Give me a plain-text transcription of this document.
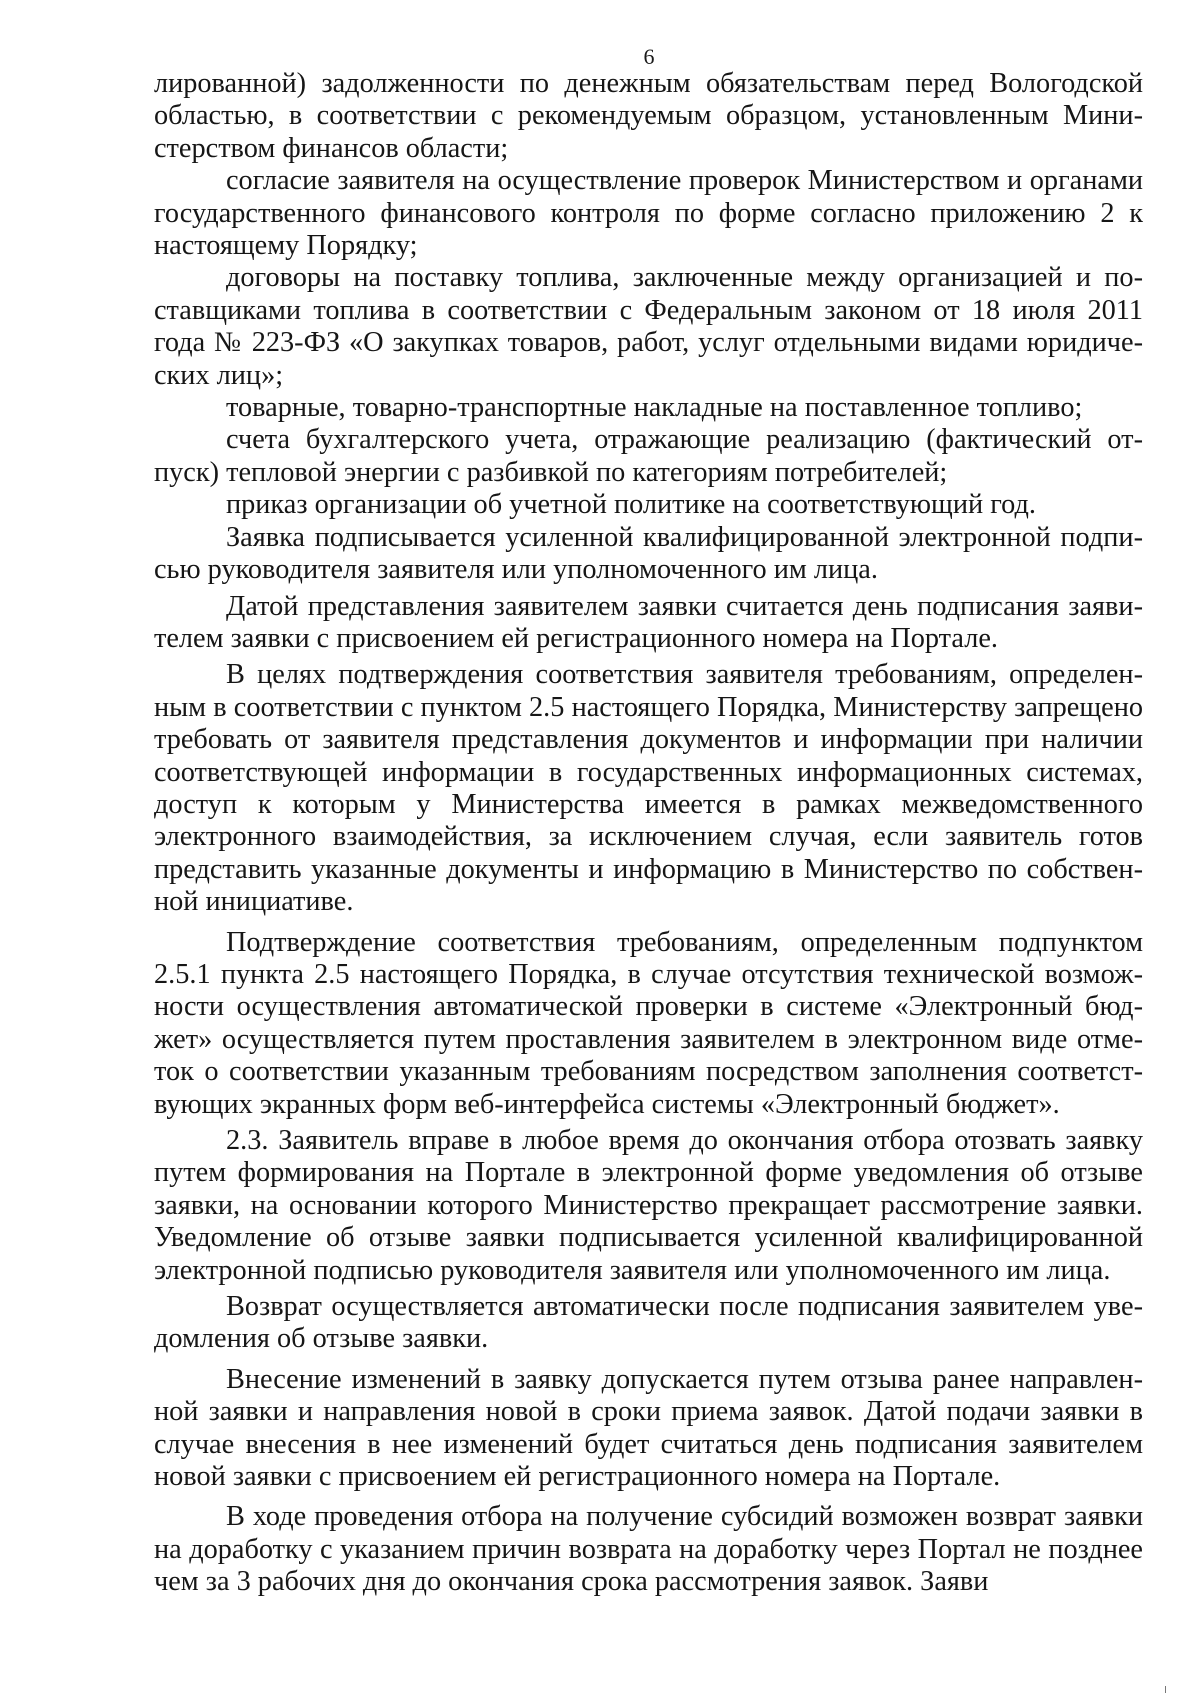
6

лированной) задолженности по денежным обязательствам перед Вологодской областью, в соответствии с рекомендуемым образцом, установленным Министерством финансов области;

согласие заявителя на осуществление проверок Министерством и органами государственного финансового контроля по форме согласно приложению 2 к настоящему Порядку;

договоры на поставку топлива, заключенные между организацией и поставщиками топлива в соответствии с Федеральным законом от 18 июля 2011 года № 223-ФЗ «О закупках товаров, работ, услуг отдельными видами юридических лиц»;

товарные, товарно-транспортные накладные на поставленное топливо;

счета бухгалтерского учета, отражающие реализацию (фактический отпуск) тепловой энергии с разбивкой по категориям потребителей;

приказ организации об учетной политике на соответствующий год.

Заявка подписывается усиленной квалифицированной электронной подписью руководителя заявителя или уполномоченного им лица.

Датой представления заявителем заявки считается день подписания заявителем заявки с присвоением ей регистрационного номера на Портале.

В целях подтверждения соответствия заявителя требованиям, определенным в соответствии с пунктом 2.5 настоящего Порядка, Министерству запрещено требовать от заявителя представления документов и информации при наличии соответствующей информации в государственных информационных системах, доступ к которым у Министерства имеется в рамках межведомственного электронного взаимодействия, за исключением случая, если заявитель готов представить указанные документы и информацию в Министерство по собственной инициативе.

Подтверждение соответствия требованиям, определенным подпунктом 2.5.1 пункта 2.5 настоящего Порядка, в случае отсутствия технической возможности осуществления автоматической проверки в системе «Электронный бюджет» осуществляется путем проставления заявителем в электронном виде отметок о соответствии указанным требованиям посредством заполнения соответствующих экранных форм веб-интерфейса системы «Электронный бюджет».

2.3. Заявитель вправе в любое время до окончания отбора отозвать заявку путем формирования на Портале в электронной форме уведомления об отзыве заявки, на основании которого Министерство прекращает рассмотрение заявки. Уведомление об отзыве заявки подписывается усиленной квалифицированной электронной подписью руководителя заявителя или уполномоченного им лица.

Возврат осуществляется автоматически после подписания заявителем уведомления об отзыве заявки.

Внесение изменений в заявку допускается путем отзыва ранее направленной заявки и направления новой в сроки приема заявок. Датой подачи заявки в случае внесения в нее изменений будет считаться день подписания заявителем новой заявки с присвоением ей регистрационного номера на Портале.

В ходе проведения отбора на получение субсидий возможен возврат заявки на доработку с указанием причин возврата на доработку через Портал не позднее чем за 3 рабочих дня до окончания срока рассмотрения заявок. Заяви
